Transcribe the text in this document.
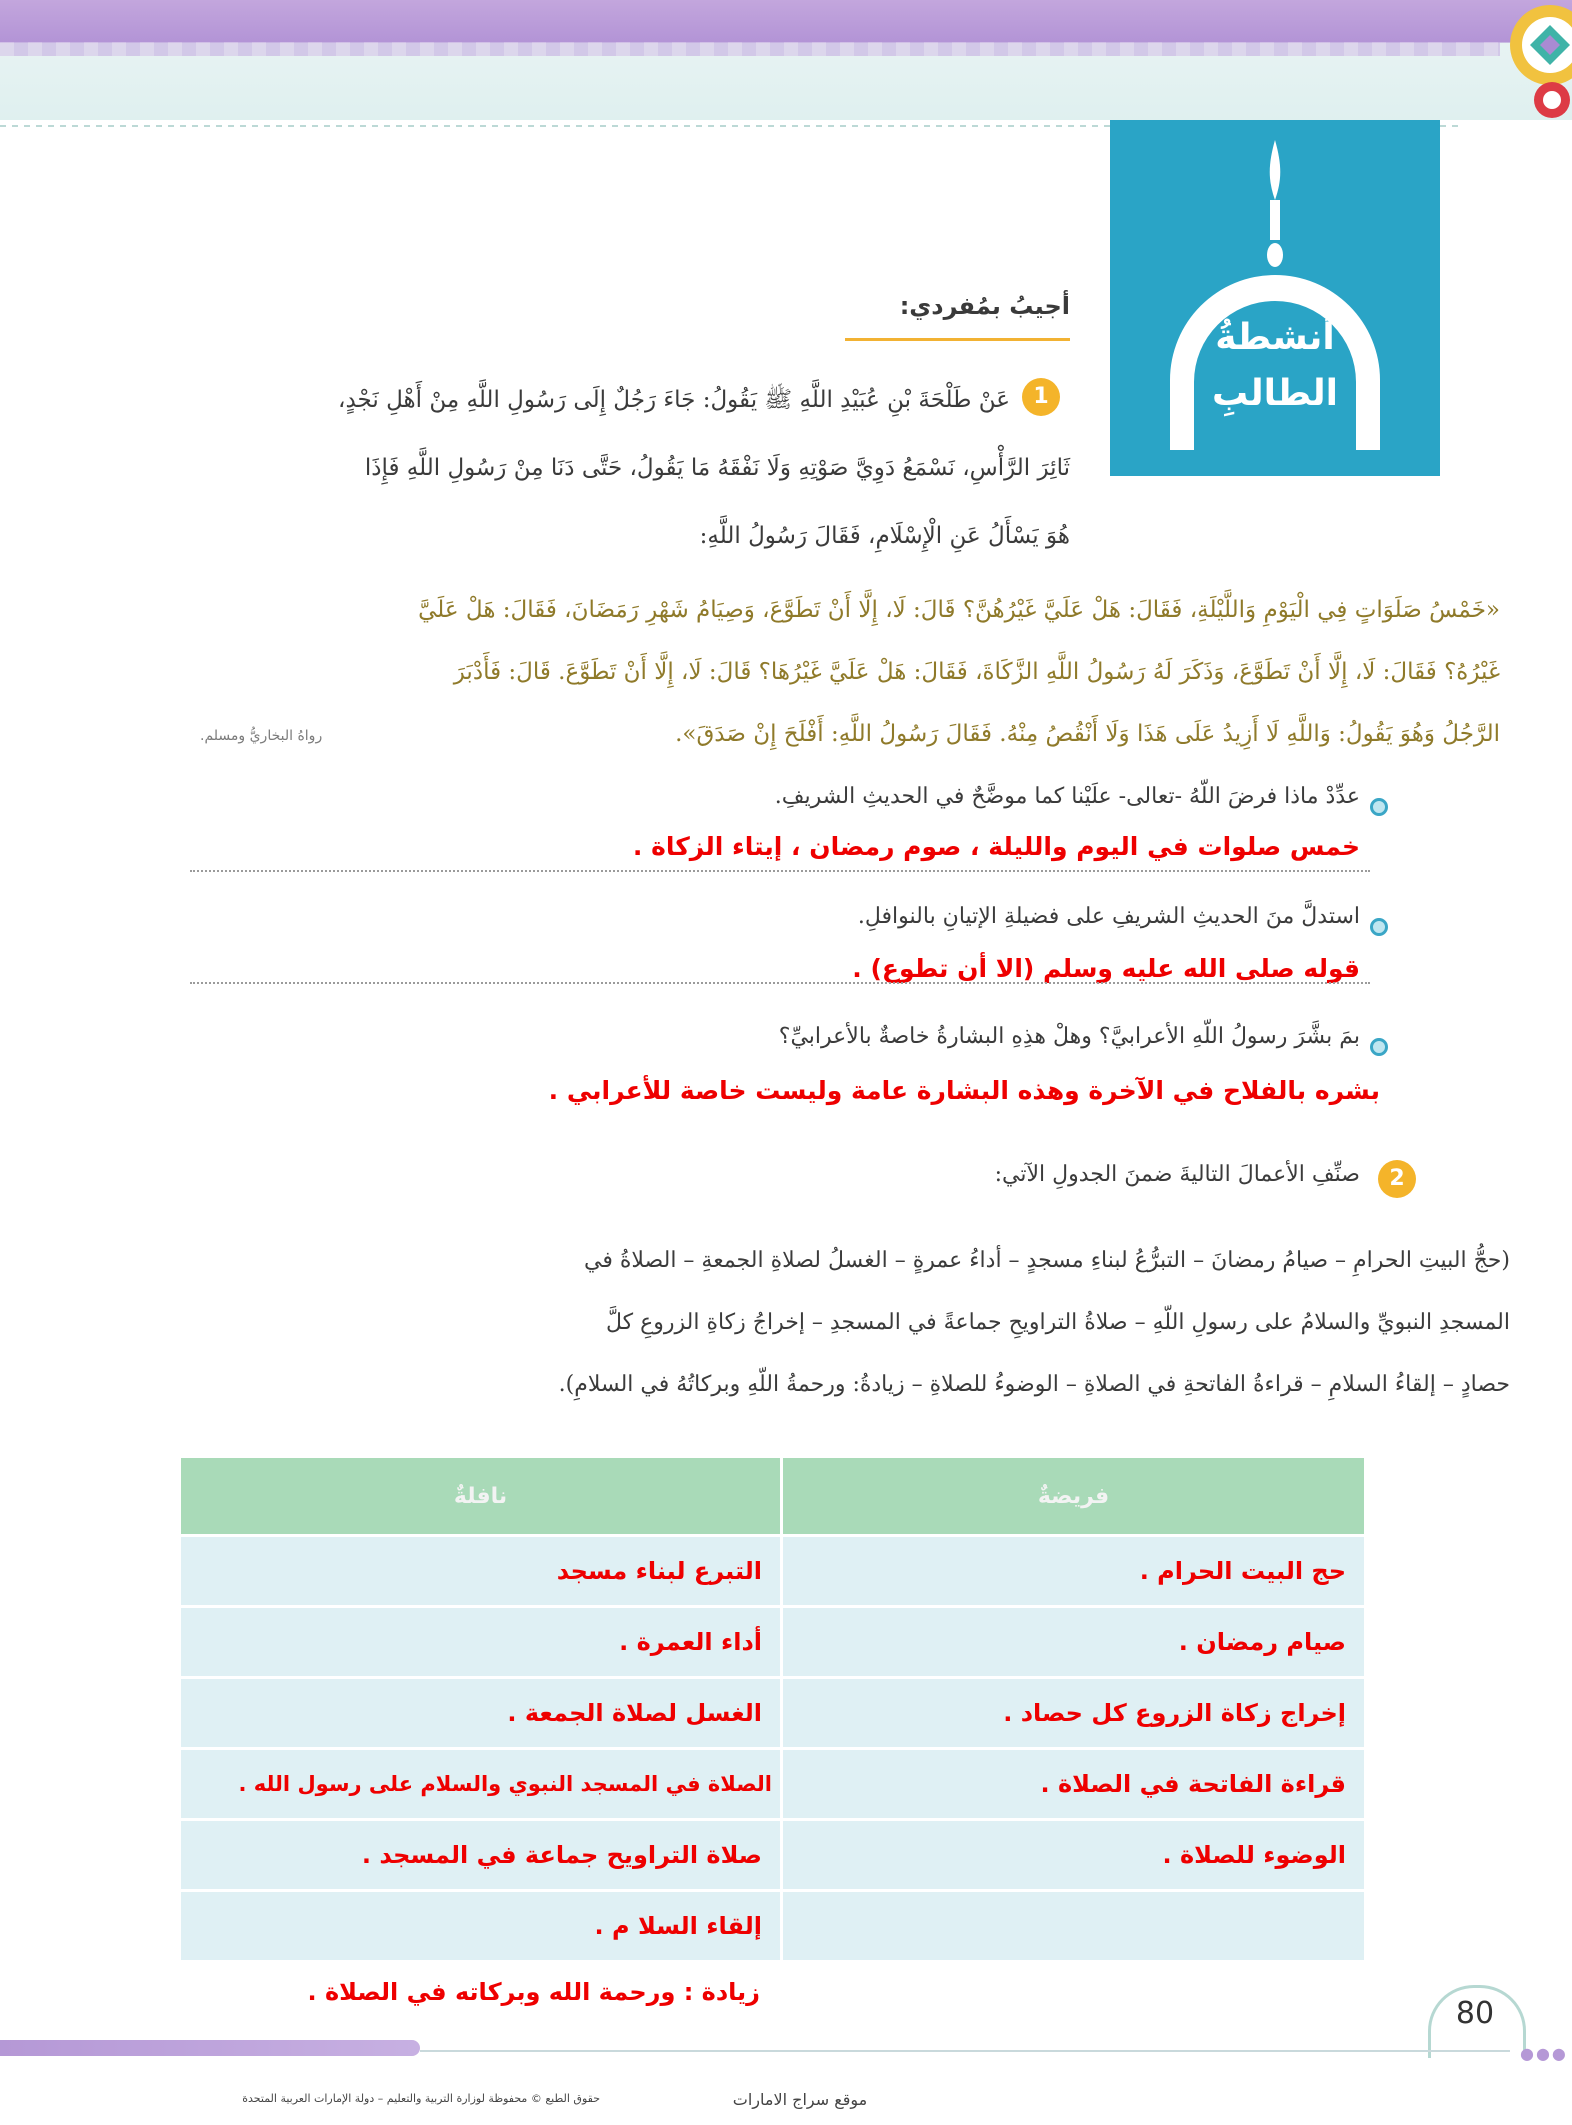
أنشطةُ الطالبِ
أجيبُ بمُفردي:
1
عَنْ طَلْحَةَ بْنِ عُبَيْدِ اللَّهِ ﷺ يَقُولُ: جَاءَ رَجُلٌ إِلَى رَسُولِ اللَّهِ مِنْ أَهْلِ نَجْدٍ،
ثَائِرَ الرَّأْسِ، نَسْمَعُ دَوِيَّ صَوْتِهِ وَلَا نَفْقَهُ مَا يَقُولُ، حَتَّى دَنَا مِنْ رَسُولِ اللَّهِ فَإِذَا
هُوَ يَسْأَلُ عَنِ الْإِسْلَامِ، فَقَالَ رَسُولُ اللَّهِ:
«خَمْسُ صَلَوَاتٍ فِي الْيَوْمِ وَاللَّيْلَةِ، فَقَالَ: هَلْ عَلَيَّ غَيْرُهُنَّ؟ قَالَ: لَا، إِلَّا أَنْ تَطَوَّعَ، وَصِيَامُ شَهْرِ رَمَضَانَ، فَقَالَ: هَلْ عَلَيَّ
غَيْرُهُ؟ فَقَالَ: لَا، إِلَّا أَنْ تَطَوَّعَ، وَذَكَرَ لَهُ رَسُولُ اللَّهِ الزَّكَاةَ، فَقَالَ: هَلْ عَلَيَّ غَيْرُهَا؟ قَالَ: لَا، إِلَّا أَنْ تَطَوَّعَ. قَالَ: فَأَدْبَرَ
الرَّجُلُ وَهُوَ يَقُولُ: وَاللَّهِ لَا أَزِيدُ عَلَى هَذَا وَلَا أَنْقُصُ مِنْهُ. فَقَالَ رَسُولُ اللَّهِ: أَفْلَحَ إِنْ صَدَقَ».
رواهُ البخاريُّ ومسلم.
عدِّدْ ماذا فرضَ اللّهُ -تعالى- علَيْنا كما موضَّحٌ في الحديثِ الشريفِ.
خمس صلوات في اليوم والليلة ، صوم رمضان ، إيتاء الزكاة .
استدلَّ منَ الحديثِ الشريفِ على فضيلةِ الإتيانِ بالنوافلِ.
قوله صلى الله عليه وسلم (الا أن تطوع) .
بمَ بشَّرَ رسولُ اللّهِ الأعرابيَّ؟ وهلْ هذِهِ البشارةُ خاصةٌ بالأعرابيِّ؟
بشره بالفلاح في الآخرة وهذه البشارة عامة وليست خاصة للأعرابي .
2
صنِّفِ الأعمالَ التاليةَ ضمنَ الجدولِ الآتي:
(حجُّ البيتِ الحرامِ – صيامُ رمضانَ – التبرُّعُ لبناءِ مسجدٍ – أداءُ عمرةٍ – الغسلُ لصلاةِ الجمعةِ – الصلاةُ في
المسجدِ النبويِّ والسلامُ على رسولِ اللّهِ – صلاةُ التراويحِ جماعةً في المسجدِ – إخراجُ زكاةِ الزروعِ كلَّ
حصادٍ – إلقاءُ السلامِ – قراءةُ الفاتحةِ في الصلاةِ – الوضوءُ للصلاةِ – زيادةُ: ورحمةُ اللّهِ وبركاتُهُ في السلامِ).
فريضةٌ	نافلةٌ
حج البيت الحرام .	التبرع لبناء مسجد
صيام رمضان .	أداء العمرة .
إخراج زكاة الزروع كل حصاد .	الغسل لصلاة الجمعة .
قراءة الفاتحة في الصلاة .	الصلاة في المسجد النبوي والسلام على رسول الله .
الوضوء للصلاة .	صلاة التراويح جماعة في المسجد .
	إلقاء السلا م .
زيادة : ورحمة الله وبركاته في الصلاة .
80
●●●
حقوق الطبع © محفوظة لوزارة التربية والتعليم – دولة الإمارات العربية المتحدة	موقع سراج الامارات
